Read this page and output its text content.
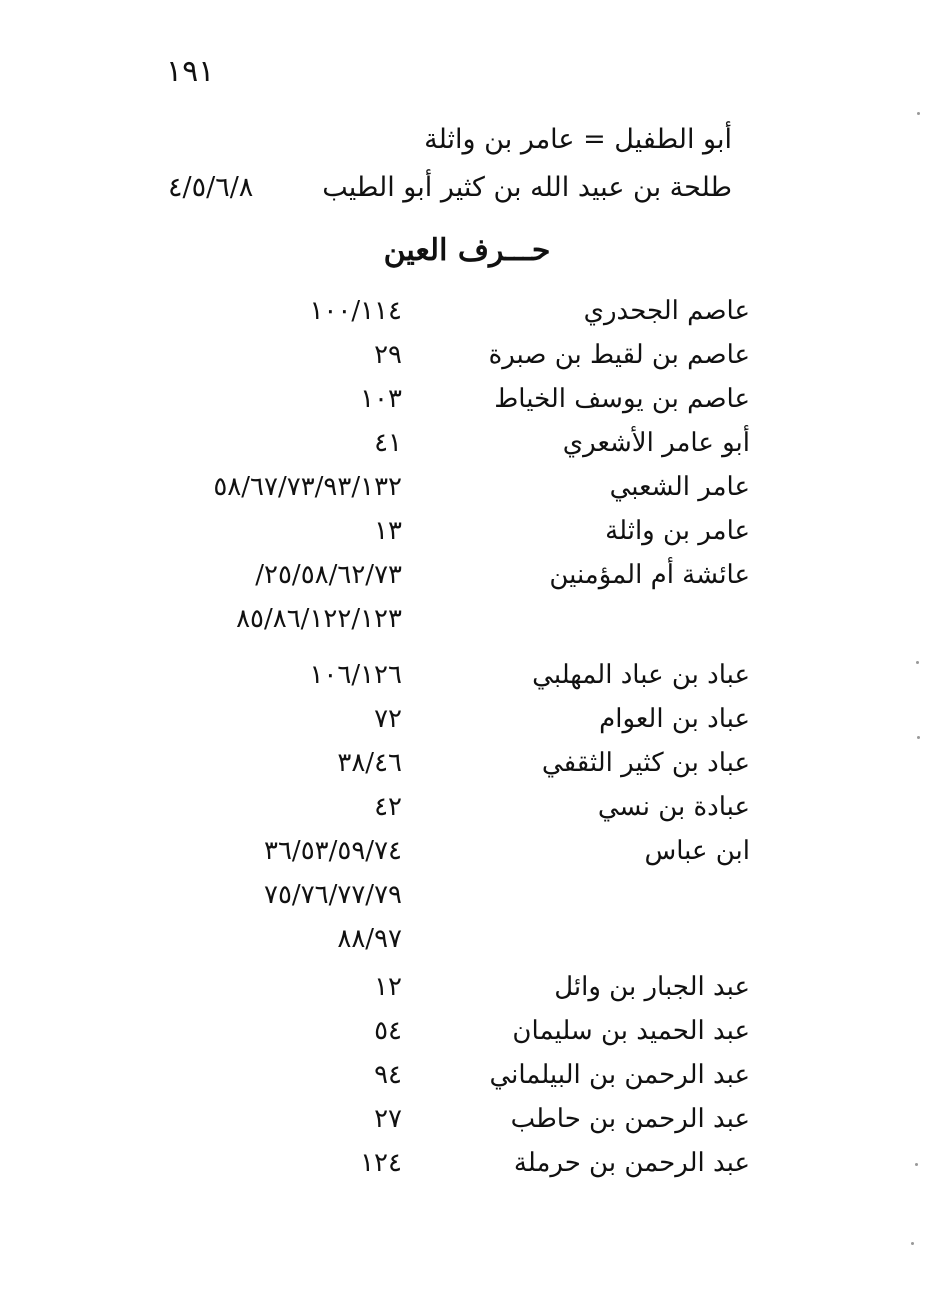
١٩١
أبو الطفيل = عامر بن واثلة
طلحة بن عبيد الله بن كثير أبو الطيب
٤/٥/٦/٨
حـــرف العين
عاصم الجحدري
١٠٠/١١٤
عاصم بن لقيط بن صبرة
٢٩
عاصم بن يوسف الخياط
١٠٣
أبو عامر الأشعري
٤١
عامر الشعبي
٥٨/٦٧/٧٣/٩٣/١٣٢
عامر بن واثلة
١٣
عائشة أم المؤمنين
٢٥/٥٨/٦٢/٧٣/
٨٥/٨٦/١٢٢/١٢٣
عباد بن عباد المهلبي
١٠٦/١٢٦
عباد بن العوام
٧٢
عباد بن كثير الثقفي
٣٨/٤٦
عبادة بن نسي
٤٢
ابن عباس
٣٦/٥٣/٥٩/٧٤
٧٥/٧٦/٧٧/٧٩
٨٨/٩٧
عبد الجبار بن وائل
١٢
عبد الحميد بن سليمان
٥٤
عبد الرحمن بن البيلماني
٩٤
عبد الرحمن بن حاطب
٢٧
عبد الرحمن بن حرملة
١٢٤
